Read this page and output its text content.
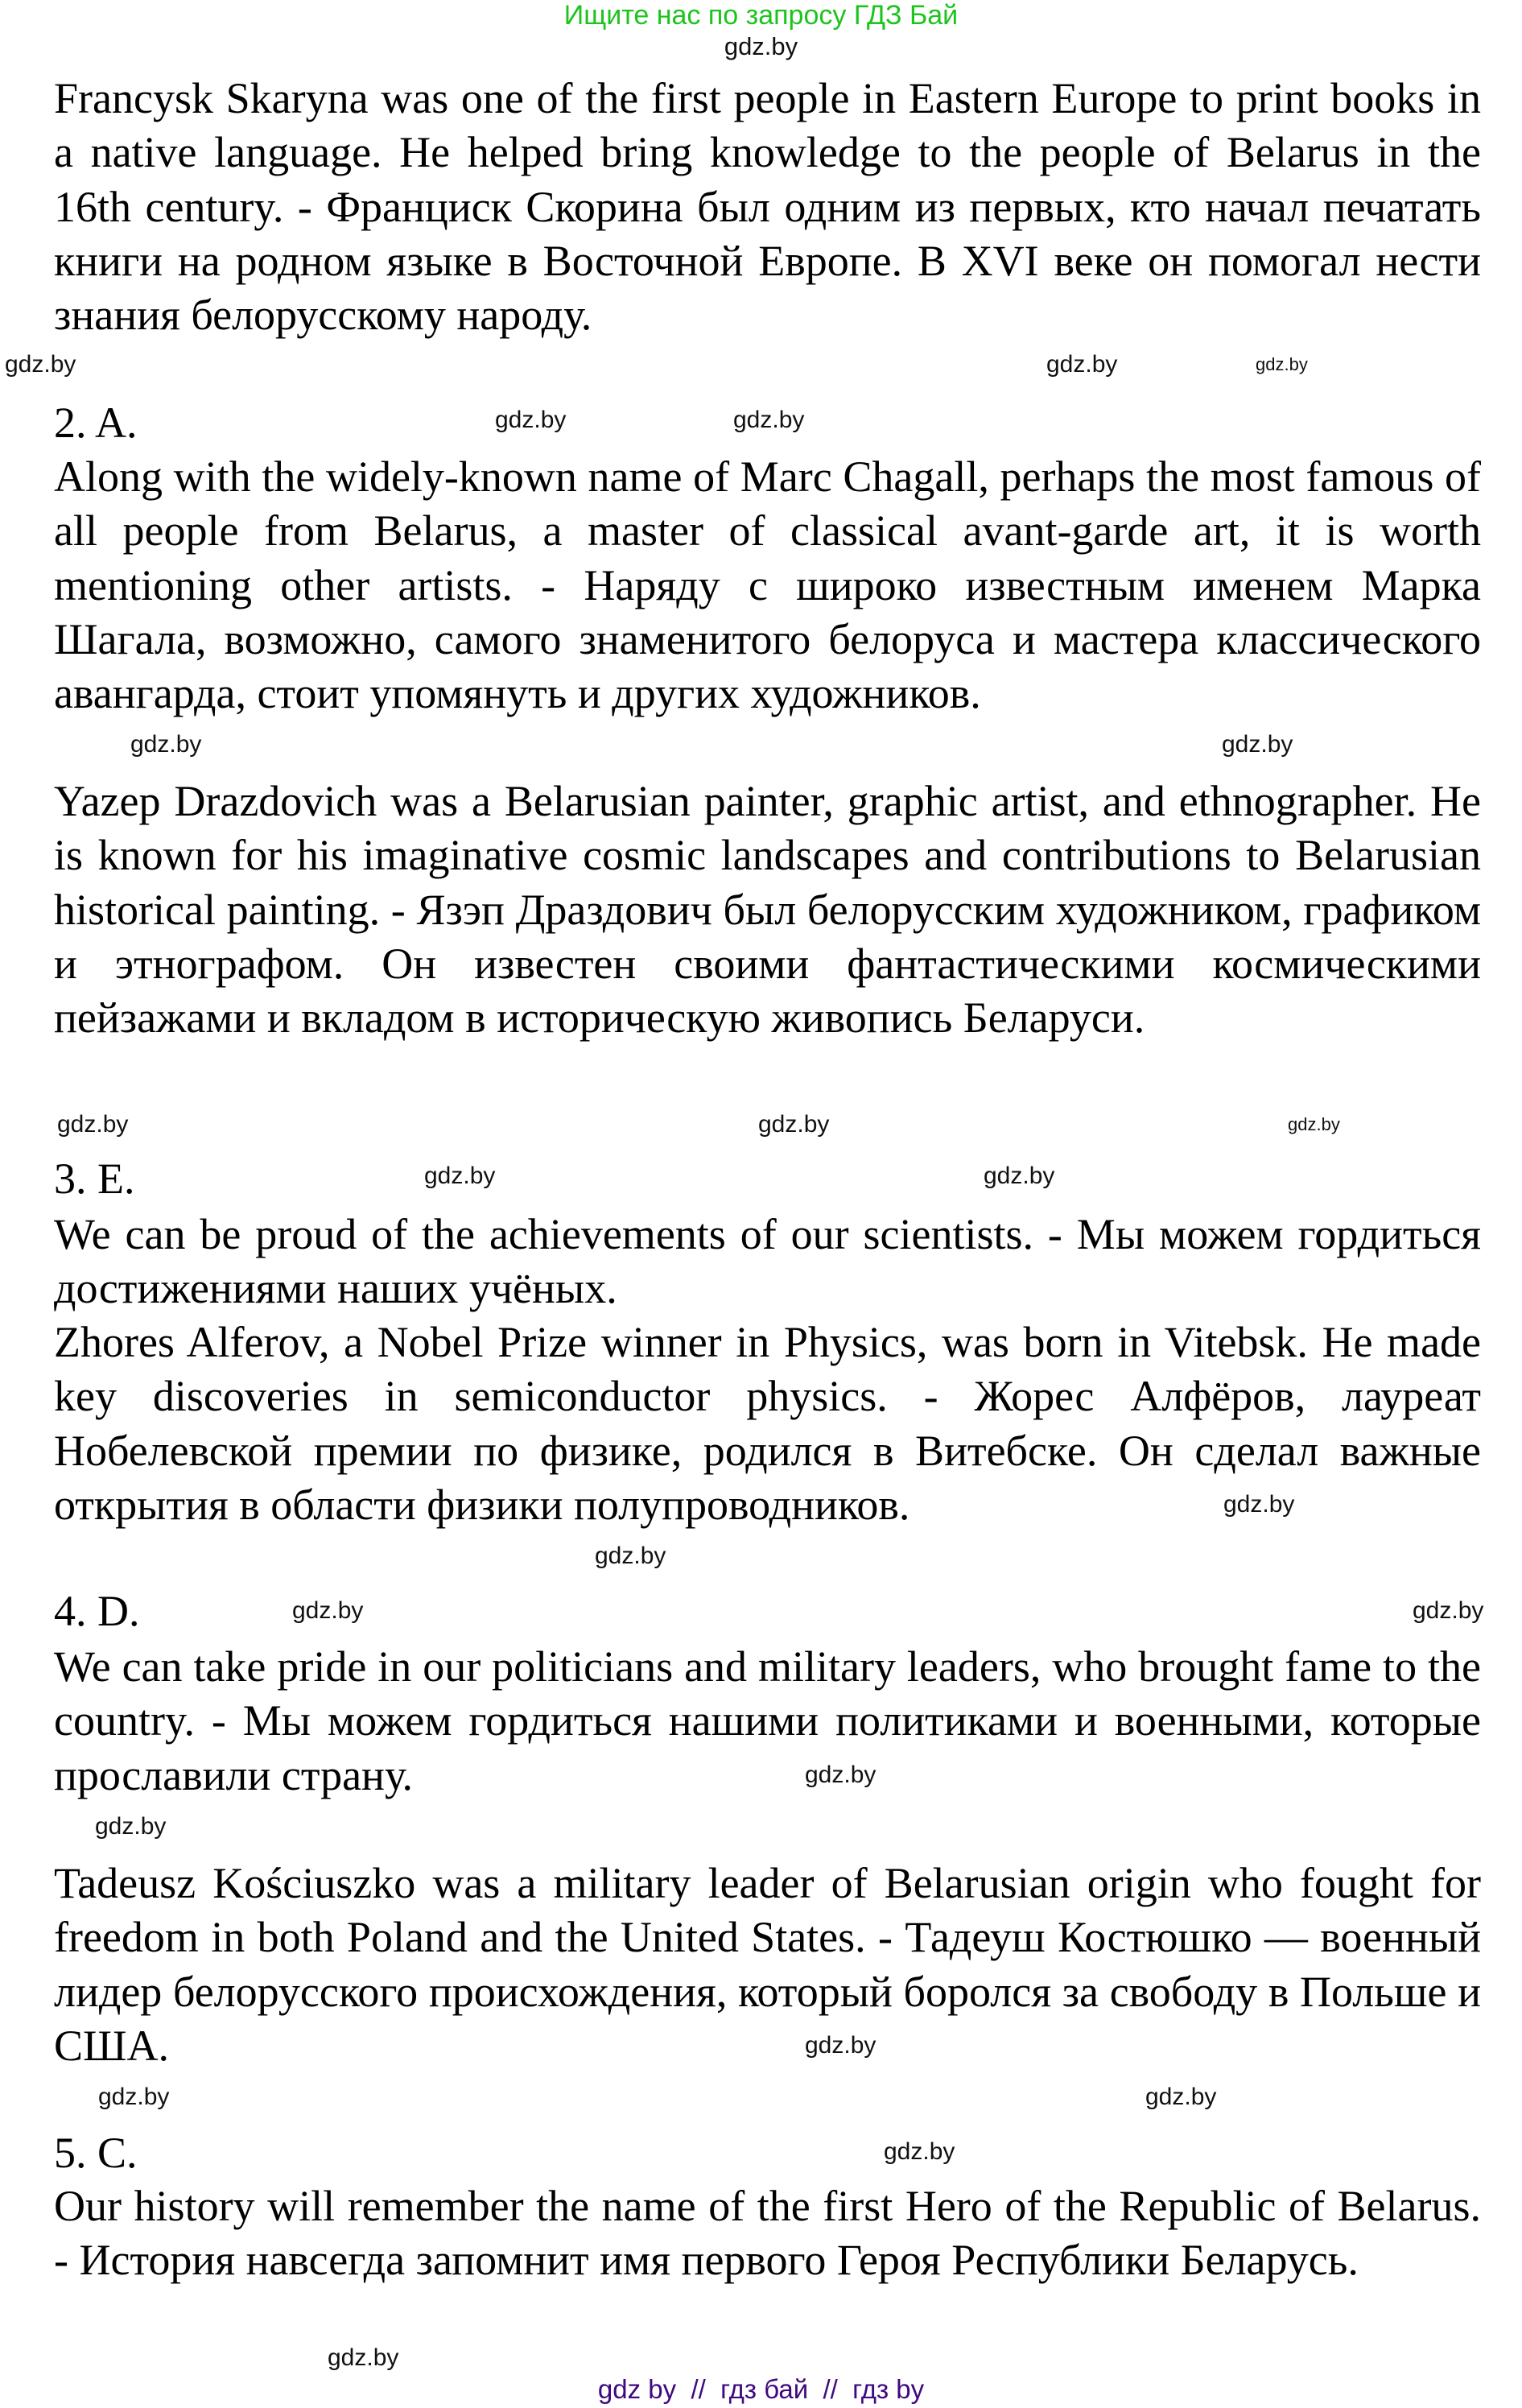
Ищите нас по запросу ГДЗ Бай
gdz.by
Francysk Skaryna was one of the first people in Eastern Europe to print books in a native language. He helped bring knowledge to the people of Belarus in the 16th century. - Франциск Скорина был одним из первых, кто начал печатать книги на родном языке в Восточной Европе. В XVI веке он помогал нести знания белорусскому народу.
2. A.
Along with the widely-known name of Marc Chagall, perhaps the most famous of all people from Belarus, a master of classical avant-garde art, it is worth mentioning other artists. - Наряду с широко известным именем Марка Шагала, возможно, самого знаменитого белоруса и мастера классического авангарда, стоит упомянуть и других художников.
Yazep Drazdovich was a Belarusian painter, graphic artist, and ethnographer. He is known for his imaginative cosmic landscapes and contributions to Belarusian historical painting. - Язэп Драздович был белорусским художником, графиком и этнографом. Он известен своими фантастическими космическими пейзажами и вкладом в историческую живопись Беларуси.
3. E.
We can be proud of the achievements of our scientists. - Мы можем гордиться достижениями наших учёных.
Zhores Alferov, a Nobel Prize winner in Physics, was born in Vitebsk. He made key discoveries in semiconductor physics. - Жорес Алфёров, лауреат Нобелевской премии по физике, родился в Витебске. Он сделал важные открытия в области физики полупроводников.
4. D.
We can take pride in our politicians and military leaders, who brought fame to the country. - Мы можем гордиться нашими политиками и военными, которые прославили страну.
Tadeusz Kościuszko was a military leader of Belarusian origin who fought for freedom in both Poland and the United States. - Тадеуш Костюшко — военный лидер белорусского происхождения, который боролся за свободу в Польше и США.
5. C.
Our history will remember the name of the first Hero of the Republic of Belarus. - История навсегда запомнит имя первого Героя Республики Беларусь.
gdz.by
gdz.by
gdz.by
gdz.by	gdz.by
gdz.by
gdz.by
gdz.by
gdz.by
gdz.by
gdz.by	gdz.by
gdz.by
gdz.by
gdz.by	gdz.by
gdz.by
gdz.by
gdz.by
gdz.by
gdz.by
gdz.by
gdz.by
gdz by  //  гдз бай  //  гдз by
